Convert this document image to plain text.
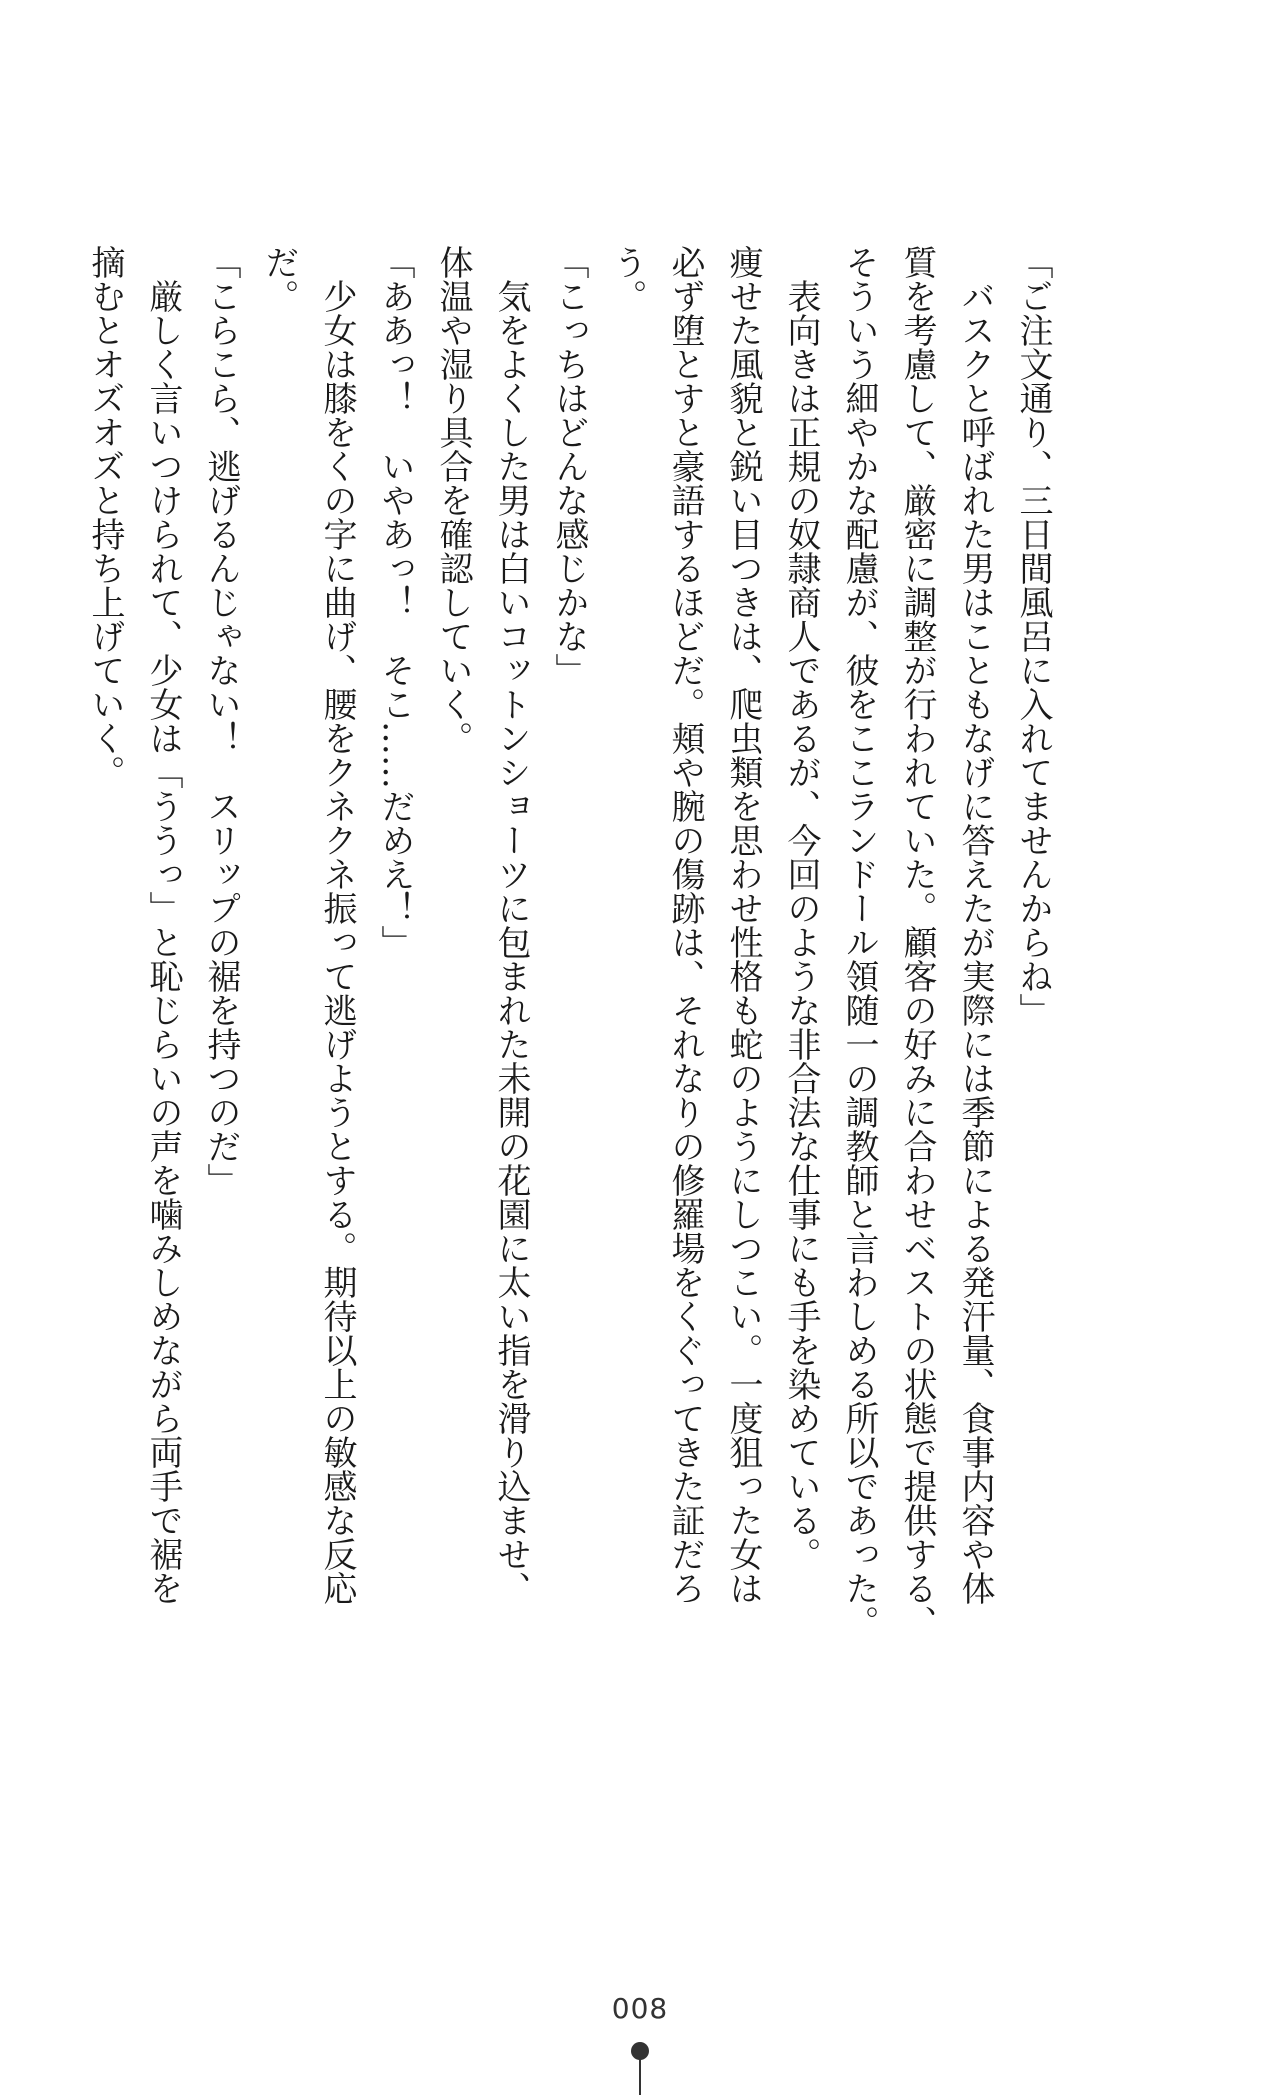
「ご注文通り、三日間風呂に入れてませんからね」

　バスクと呼ばれた男はこともなげに答えたが実際には季節による発汗量、食事内容や体

質を考慮して、厳密に調整が行われていた。顧客の好みに合わせベストの状態で提供する、

そういう細やかな配慮が、彼をここランドール領随一の調教師と言わしめる所以であった。

　表向きは正規の奴隷商人であるが、今回のような非合法な仕事にも手を染めている。

痩せた風貌と鋭い目つきは、爬虫類を思わせ性格も蛇のようにしつこい。一度狙った女は

必ず堕とすと豪語するほどだ。頬や腕の傷跡は、それなりの修羅場をくぐってきた証だろ

う。

「こっちはどんな感じかな」

　気をよくした男は白いコットンショーツに包まれた未開の花園に太い指を滑り込ませ、

体温や湿り具合を確認していく。

「ああっ！　いやあっ！　そこ……だめえ！」

　少女は膝をくの字に曲げ、腰をクネクネ振って逃げようとする。期待以上の敏感な反応

だ。

「こらこら、逃げるんじゃない！　スリップの裾を持つのだ」

　厳しく言いつけられて、少女は「ううっ」と恥じらいの声を噛みしめながら両手で裾を

摘むとオズオズと持ち上げていく。

008
